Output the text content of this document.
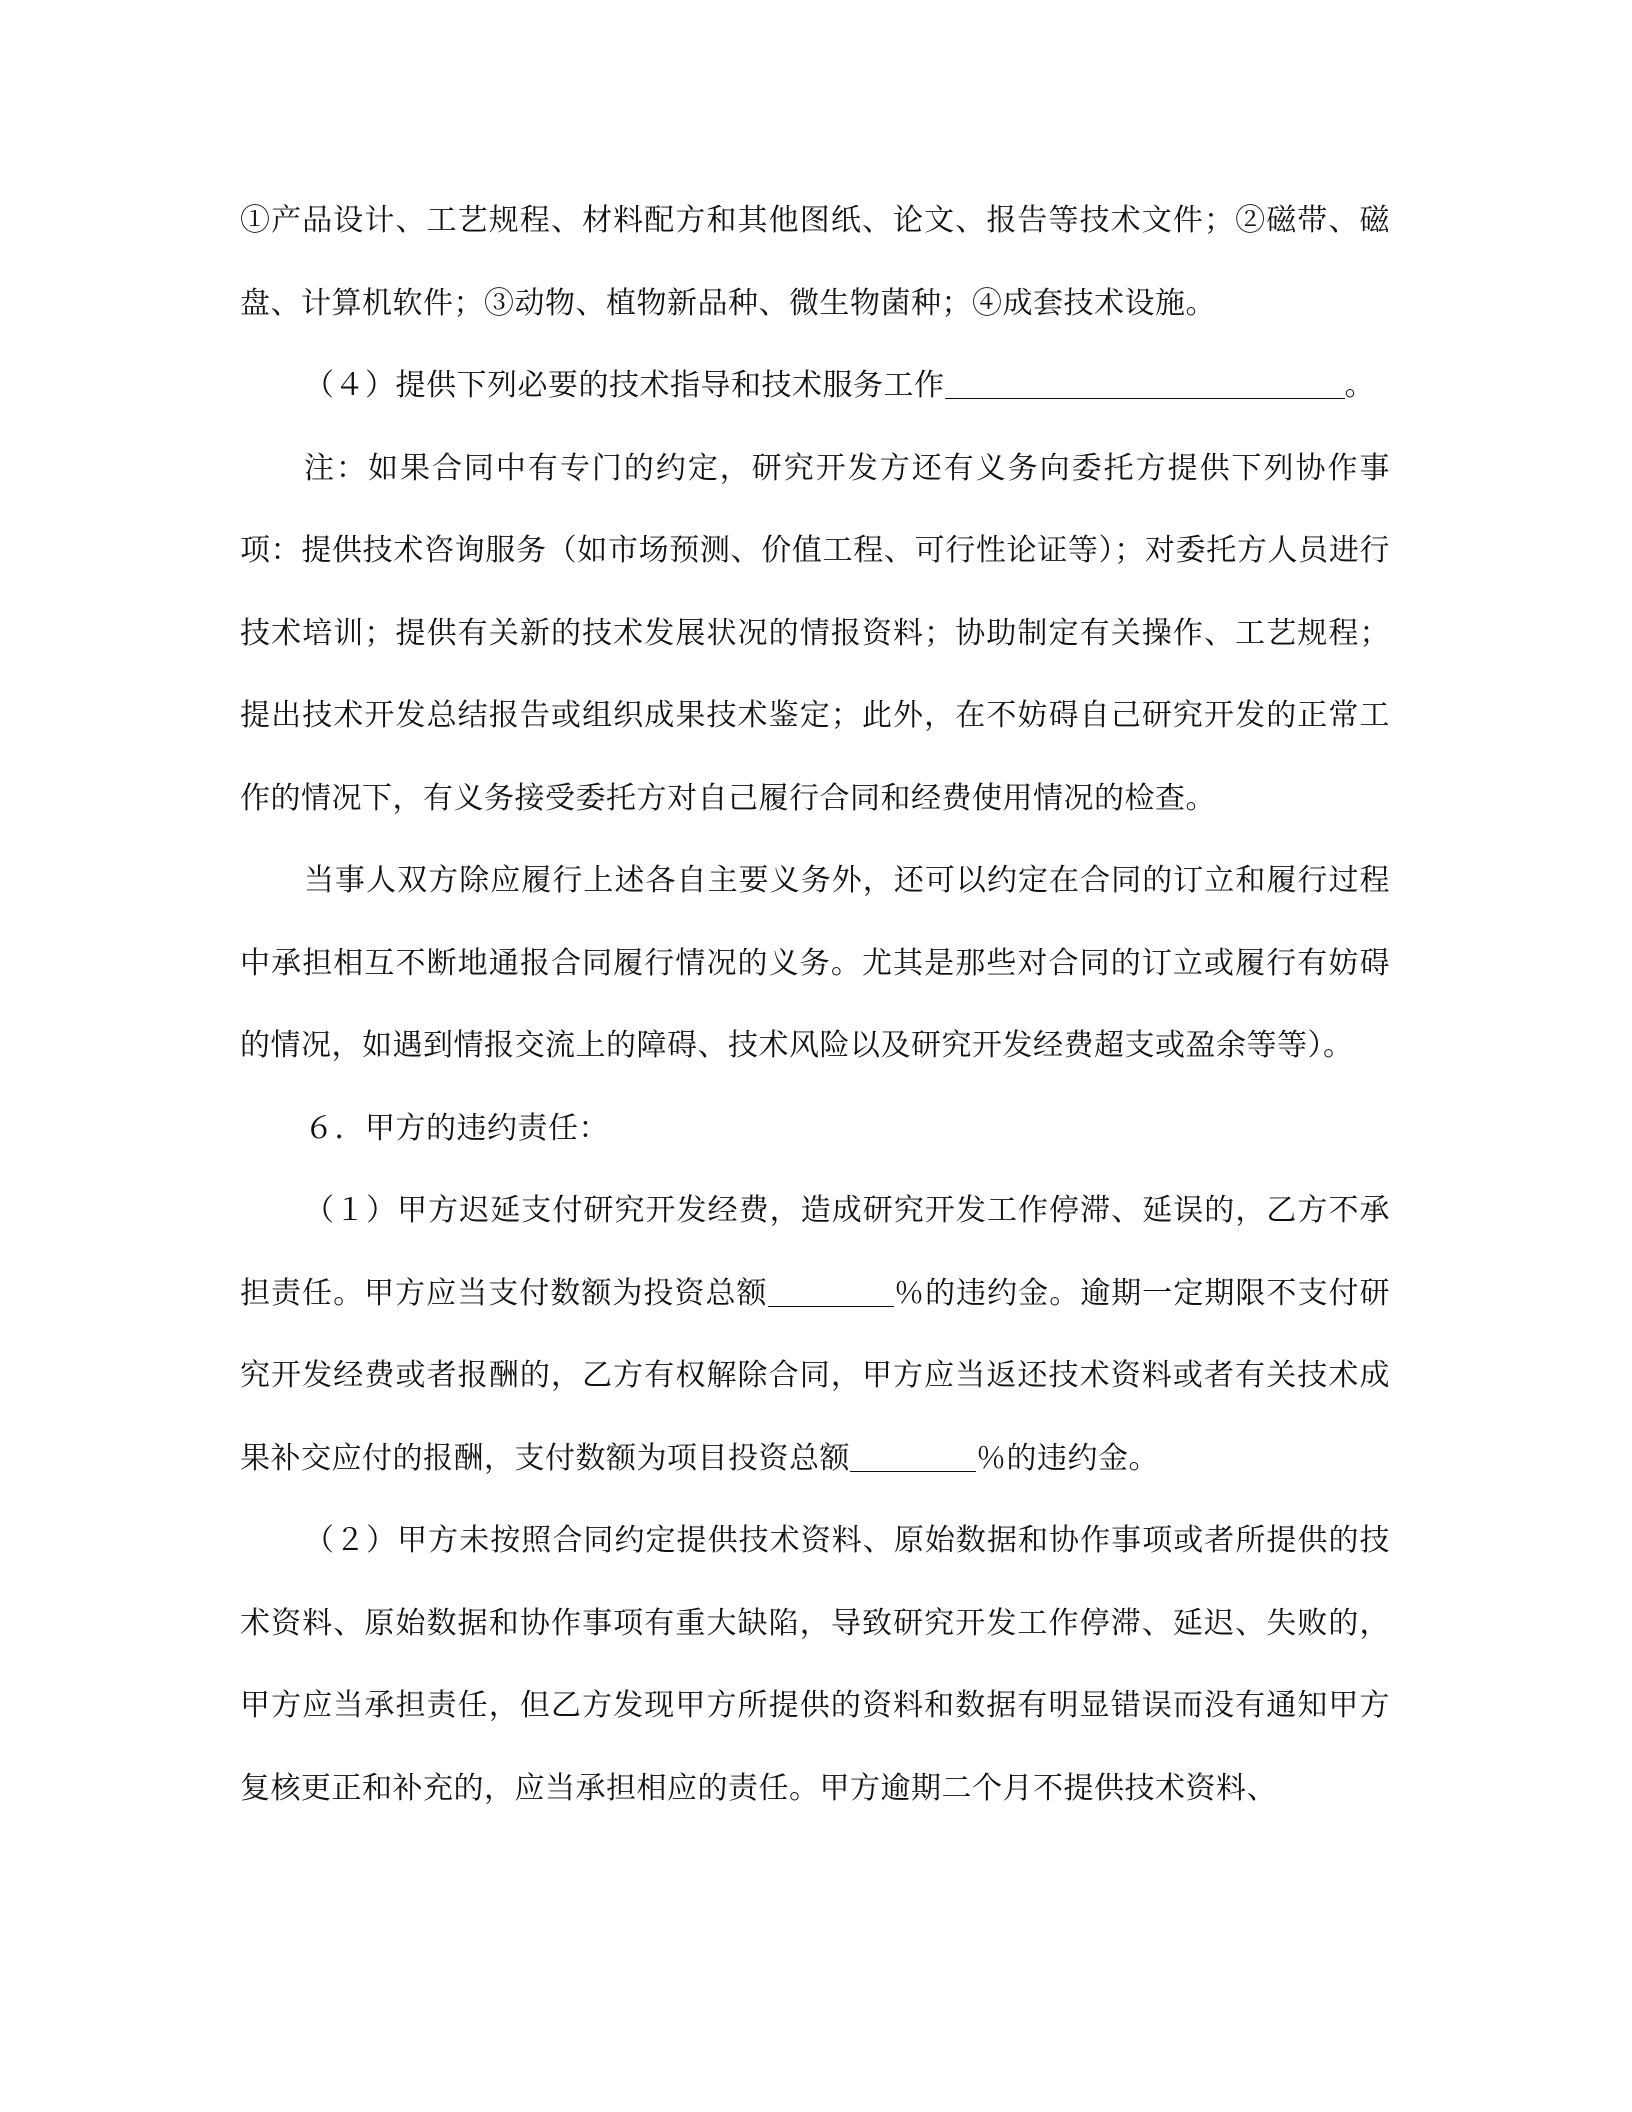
①产品设计、工艺规程、材料配方和其他图纸、论文、报告等技术文件；②磁带、磁盘、计算机软件；③动物、植物新品种、微生物菌种；④成套技术设施。

（４）提供下列必要的技术指导和技术服务工作	。

注：如果合同中有专门的约定，研究开发方还有义务向委托方提供下列协作事项：提供技术咨询服务（如市场预测、价值工程、可行性论证等）；对委托方人员进行技术培训；提供有关新的技术发展状况的情报资料；协助制定有关操作、工艺规程；提出技术开发总结报告或组织成果技术鉴定；此外，在不妨碍自己研究开发的正常工作的情况下，有义务接受委托方对自己履行合同和经费使用情况的检查。

当事人双方除应履行上述各自主要义务外，还可以约定在合同的订立和履行过程中承担相互不断地通报合同履行情况的义务。尤其是那些对合同的订立或履行有妨碍的情况，如遇到情报交流上的障碍、技术风险以及研究开发经费超支或盈余等等）。

６．甲方的违约责任：

（１）甲方迟延支付研究开发经费，造成研究开发工作停滞、延误的，乙方不承担责任。甲方应当支付数额为投资总额	％的违约金。逾期一定期限不支付研究开发经费或者报酬的，乙方有权解除合同，甲方应当返还技术资料或者有关技术成果补交应付的报酬，支付数额为项目投资总额	％的违约金。

（２）甲方未按照合同约定提供技术资料、原始数据和协作事项或者所提供的技术资料、原始数据和协作事项有重大缺陷，导致研究开发工作停滞、延迟、失败的，甲方应当承担责任，但乙方发现甲方所提供的资料和数据有明显错误而没有通知甲方复核更正和补充的，应当承担相应的责任。甲方逾期二个月不提供技术资料、
